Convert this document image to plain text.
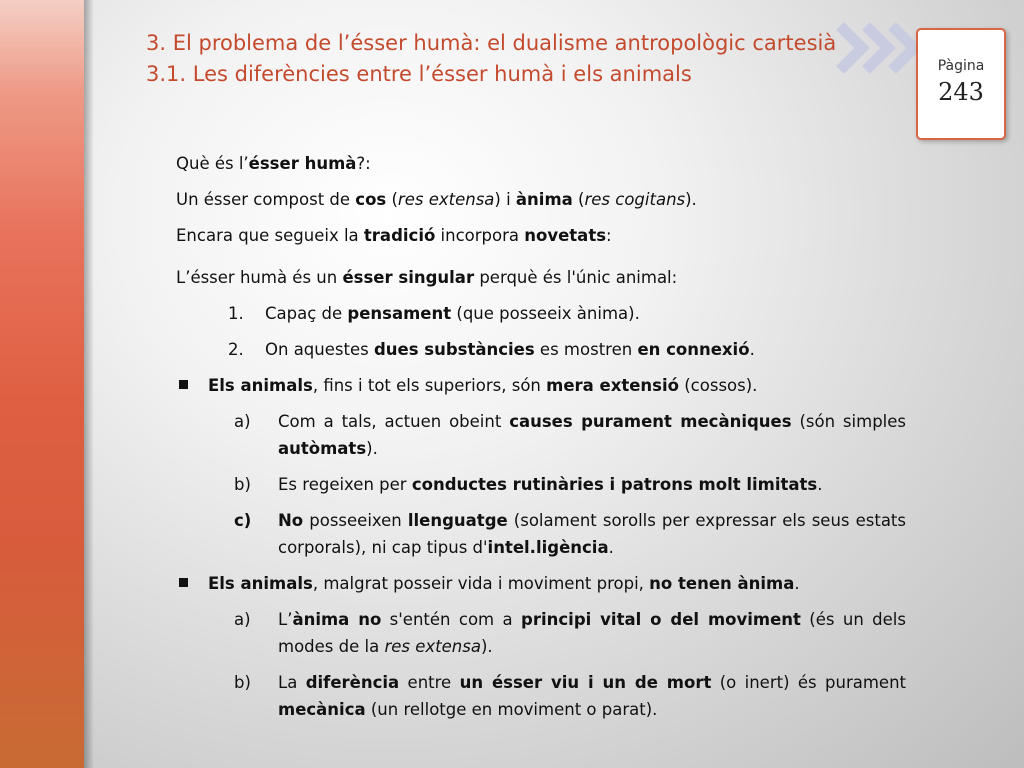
3. El problema de l’ésser humà: el dualisme antropològic cartesià
3.1. Les diferències entre l’ésser humà i els animals	Pàgina
243
Què és l’ésser humà?:
Un ésser compost de cos (res extensa) i ànima (res cogitans).
Encara que segueix la tradició incorpora novetats:
L’ésser humà és un ésser singular perquè és l'únic animal:
1. Capaç de pensament (que posseeix ànima).
2. On aquestes dues substàncies es mostren en connexió.
Els animals, fins i tot els superiors, són mera extensió (cossos).
a) Com a tals, actuen obeint causes purament mecàniques (són simples autòmats).
b) Es regeixen per conductes rutinàries i patrons molt limitats.
c) No posseeixen llenguatge (solament sorolls per expressar els seus estats corporals), ni cap tipus d'intel.ligència.
Els animals, malgrat posseir vida i moviment propi, no tenen ànima.
a) L’ànima no s'entén com a principi vital o del moviment (és un dels modes de la res extensa).
b) La diferència entre un ésser viu i un de mort (o inert) és purament mecànica (un rellotge en moviment o parat).
